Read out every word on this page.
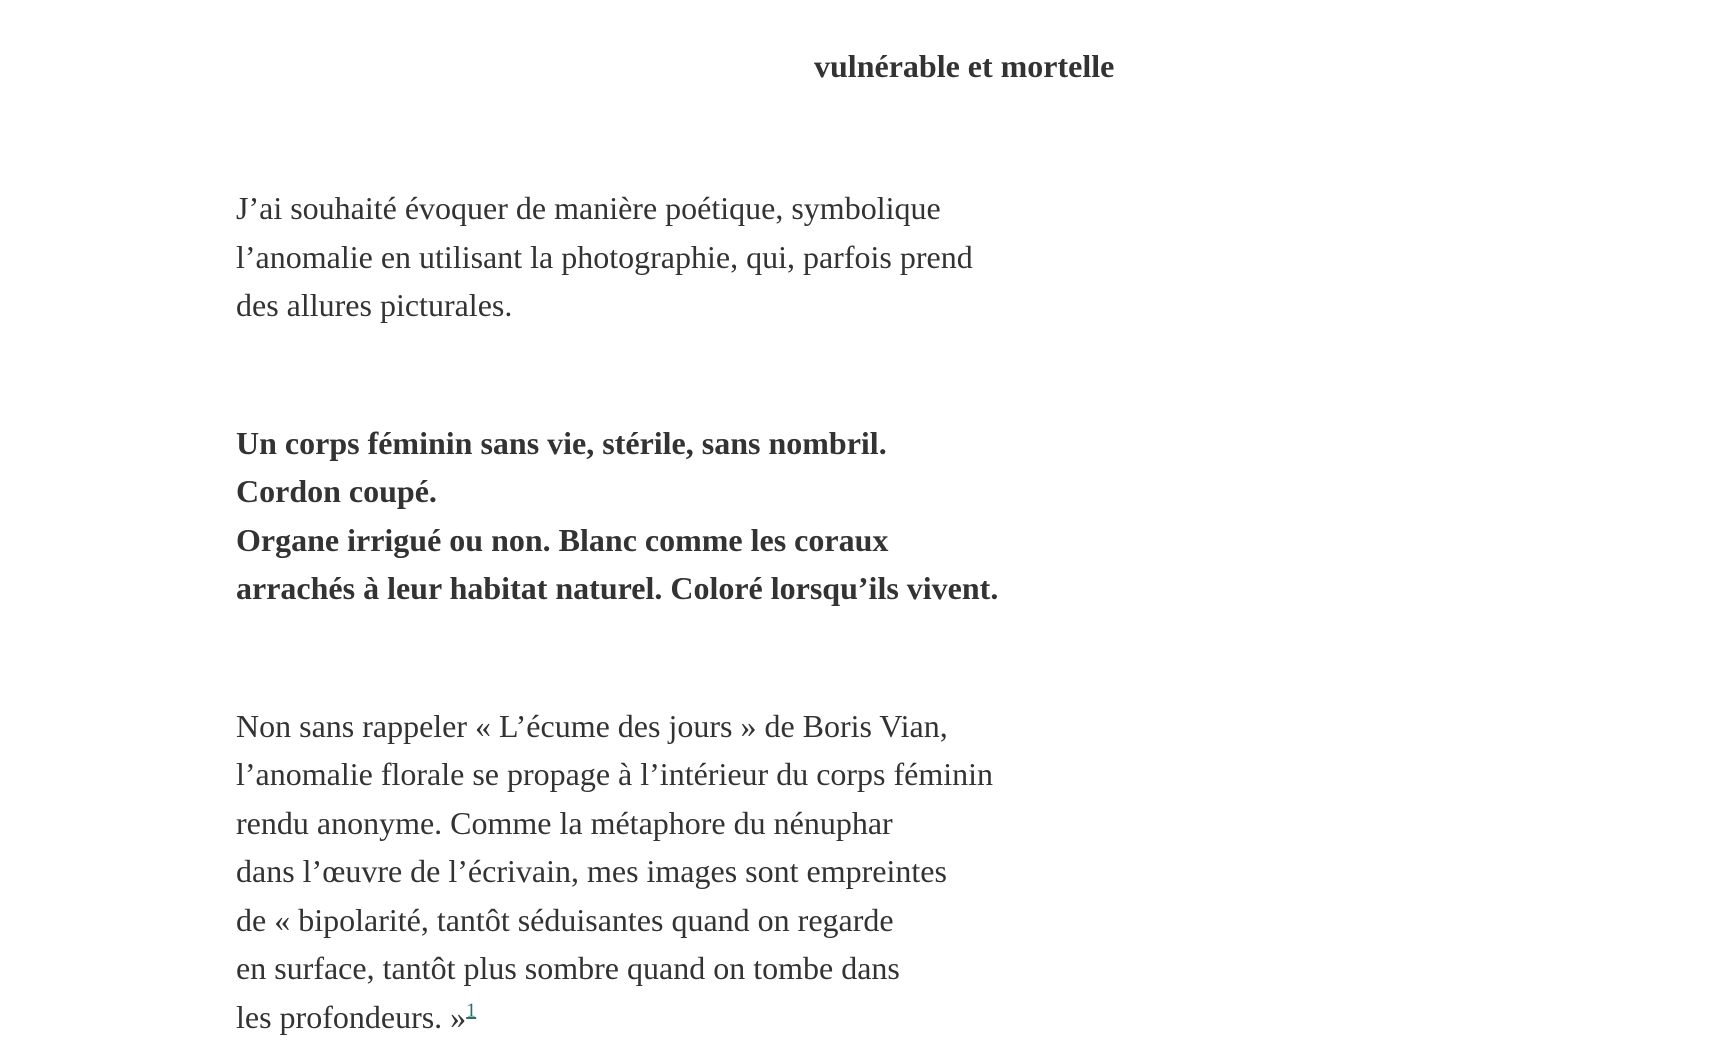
vulnérable et mortelle

J’ai souhaité évoquer de manière poétique, symbolique
l’anomalie en utilisant la photographie, qui, parfois prend
des allures picturales.

Un corps féminin sans vie, stérile, sans nombril.
Cordon coupé.
Organe irrigué ou non. Blanc comme les coraux
arrachés à leur habitat naturel. Coloré lorsqu’ils vivent.

Non sans rappeler « L’écume des jours » de Boris Vian,
l’anomalie florale se propage à l’intérieur du corps féminin
rendu anonyme. Comme la métaphore du nénuphar
dans l’œuvre de l’écrivain, mes images sont empreintes
de « bipolarité, tantôt séduisantes quand on regarde
en surface, tantôt plus sombre quand on tombe dans
les profondeurs. »$^1$
